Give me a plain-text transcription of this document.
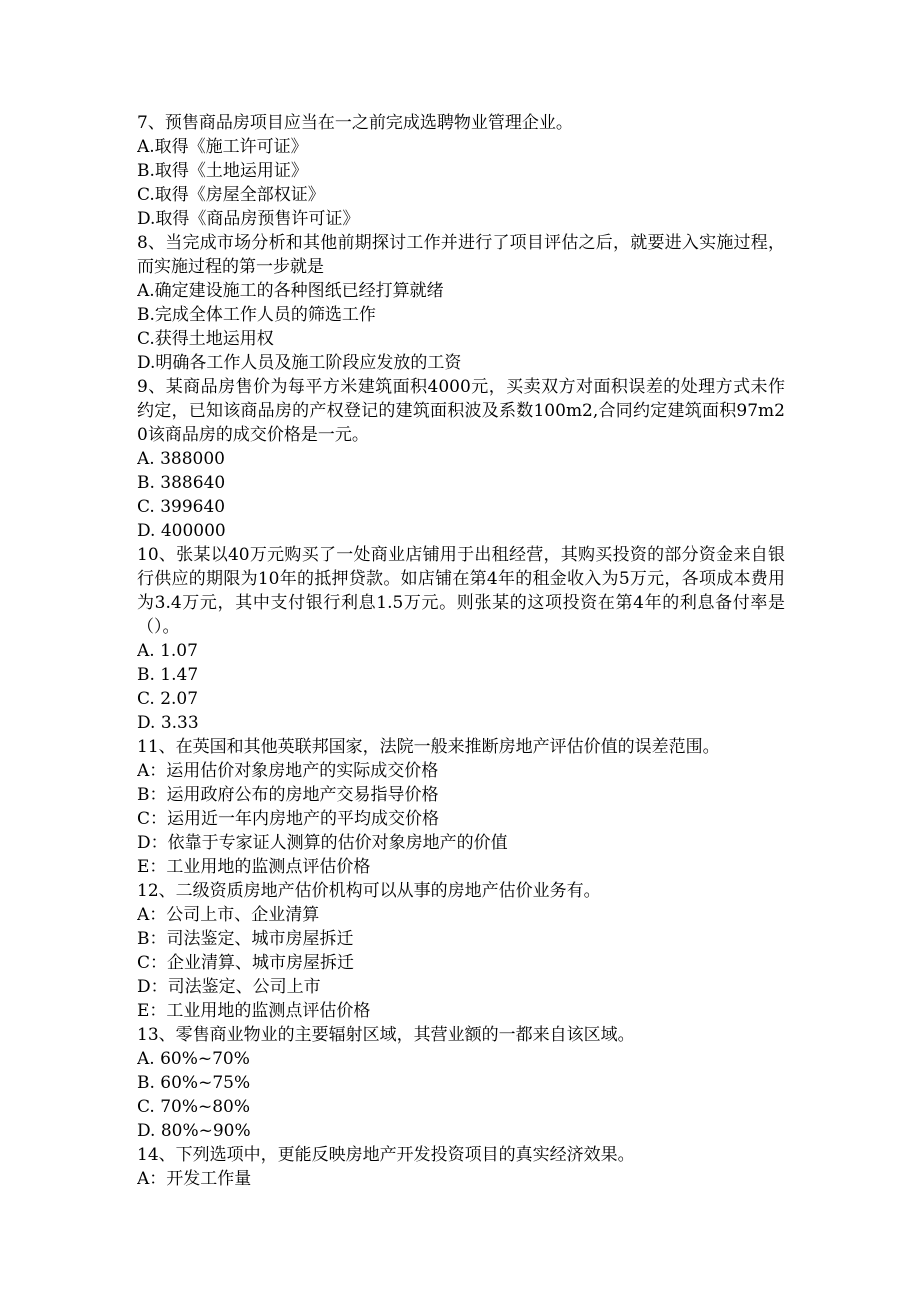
7、预售商品房项目应当在一之前完成选聘物业管理企业。
A.取得《施工许可证》
B.取得《土地运用证》
C.取得《房屋全部权证》
D.取得《商品房预售许可证》
8、当完成市场分析和其他前期探讨工作并进行了项目评估之后，就要进入实施过程，而实施过程的第一步就是
A.确定建设施工的各种图纸已经打算就绪
B.完成全体工作人员的筛选工作
C.获得土地运用权
D.明确各工作人员及施工阶段应发放的工资
9、某商品房售价为每平方米建筑面积4000元，买卖双方对面积误差的处理方式未作约定，已知该商品房的产权登记的建筑面积波及系数100m2,合同约定建筑面积97m20该商品房的成交价格是一元。
A. 388000
B. 388640
C. 399640
D. 400000
10、张某以40万元购买了一处商业店铺用于出租经营，其购买投资的部分资金来自银行供应的期限为10年的抵押贷款。如店铺在第4年的租金收入为5万元，各项成本费用为3.4万元，其中支付银行利息1.5万元。则张某的这项投资在第4年的利息备付率是（）。
A. 1.07
B. 1.47
C. 2.07
D. 3.33
11、在英国和其他英联邦国家，法院一般来推断房地产评估价值的误差范围。
A：运用估价对象房地产的实际成交价格
B：运用政府公布的房地产交易指导价格
C：运用近一年内房地产的平均成交价格
D：依靠于专家证人测算的估价对象房地产的价值
E：工业用地的监测点评估价格
12、二级资质房地产估价机构可以从事的房地产估价业务有。
A：公司上市、企业清算
B：司法鉴定、城市房屋拆迁
C：企业清算、城市房屋拆迁
D：司法鉴定、公司上市
E：工业用地的监测点评估价格
13、零售商业物业的主要辐射区域，其营业额的一都来自该区域。
A. 60%~70%
B. 60%~75%
C. 70%~80%
D. 80%~90%
14、下列选项中，更能反映房地产开发投资项目的真实经济效果。
A：开发工作量
